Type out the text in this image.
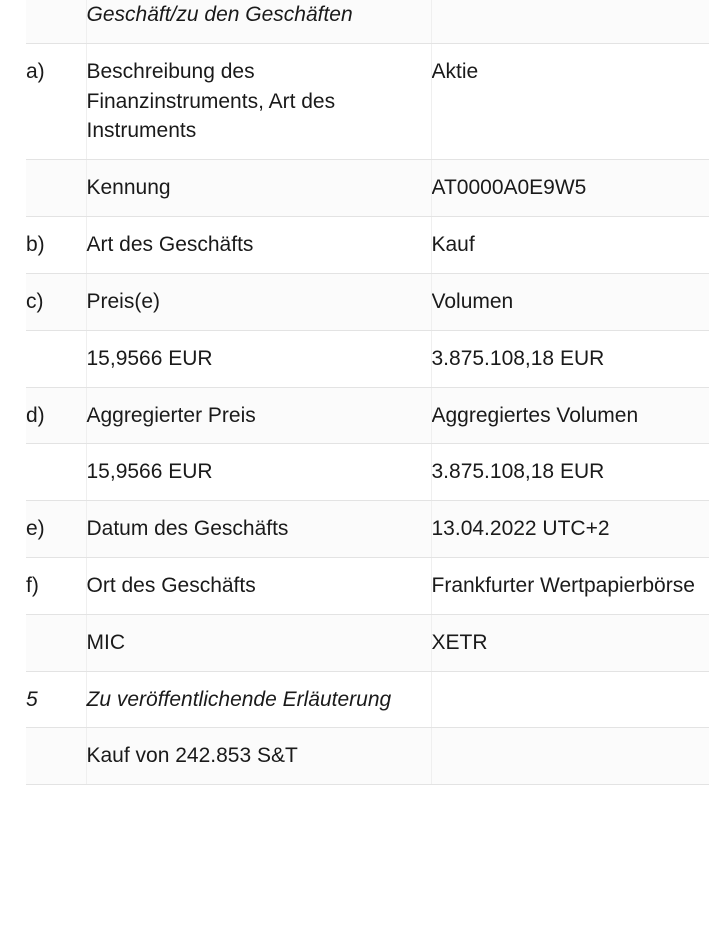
	Geschäft/zu den Geschäften	
a)	Beschreibung des Finanzinstruments, Art des Instruments	Aktie
	Kennung	AT0000A0E9W5
b)	Art des Geschäfts	Kauf
c)	Preis(e)	Volumen
	15,9566 EUR	3.875.108,18 EUR
d)	Aggregierter Preis	Aggregiertes Volumen
	15,9566 EUR	3.875.108,18 EUR
e)	Datum des Geschäfts	13.04.2022 UTC+2
f)	Ort des Geschäfts	Frankfurter Wertpapierbörse
	MIC	XETR
5	Zu veröffentlichende Erläuterung	
	Kauf von 242.853 S&T	
